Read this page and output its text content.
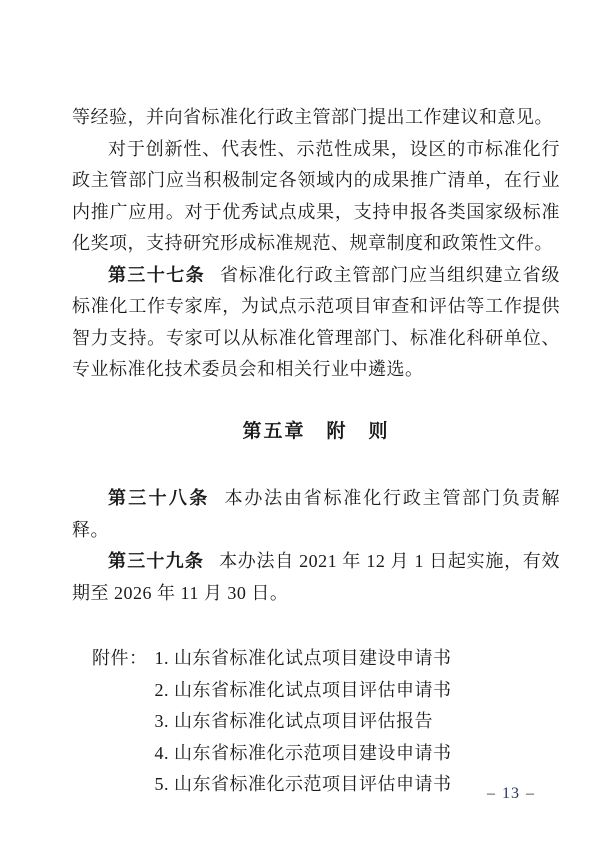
等经验，并向省标准化行政主管部门提出工作建议和意见。

对于创新性、代表性、示范性成果，设区的市标准化行政主管部门应当积极制定各领域内的成果推广清单，在行业内推广应用。对于优秀试点成果，支持申报各类国家级标准化奖项，支持研究形成标准规范、规章制度和政策性文件。

第三十七条 省标准化行政主管部门应当组织建立省级标准化工作专家库，为试点示范项目审查和评估等工作提供智力支持。专家可以从标准化管理部门、标准化科研单位、专业标准化技术委员会和相关行业中遴选。

第五章　附　则

第三十八条 本办法由省标准化行政主管部门负责解释。

第三十九条 本办法自 2021 年 12 月 1 日起实施，有效期至 2026 年 11 月 30 日。

附件： 1. 山东省标准化试点项目建设申请书
2. 山东省标准化试点项目评估申请书
3. 山东省标准化试点项目评估报告
4. 山东省标准化示范项目建设申请书
5. 山东省标准化示范项目评估申请书 – 13 –
